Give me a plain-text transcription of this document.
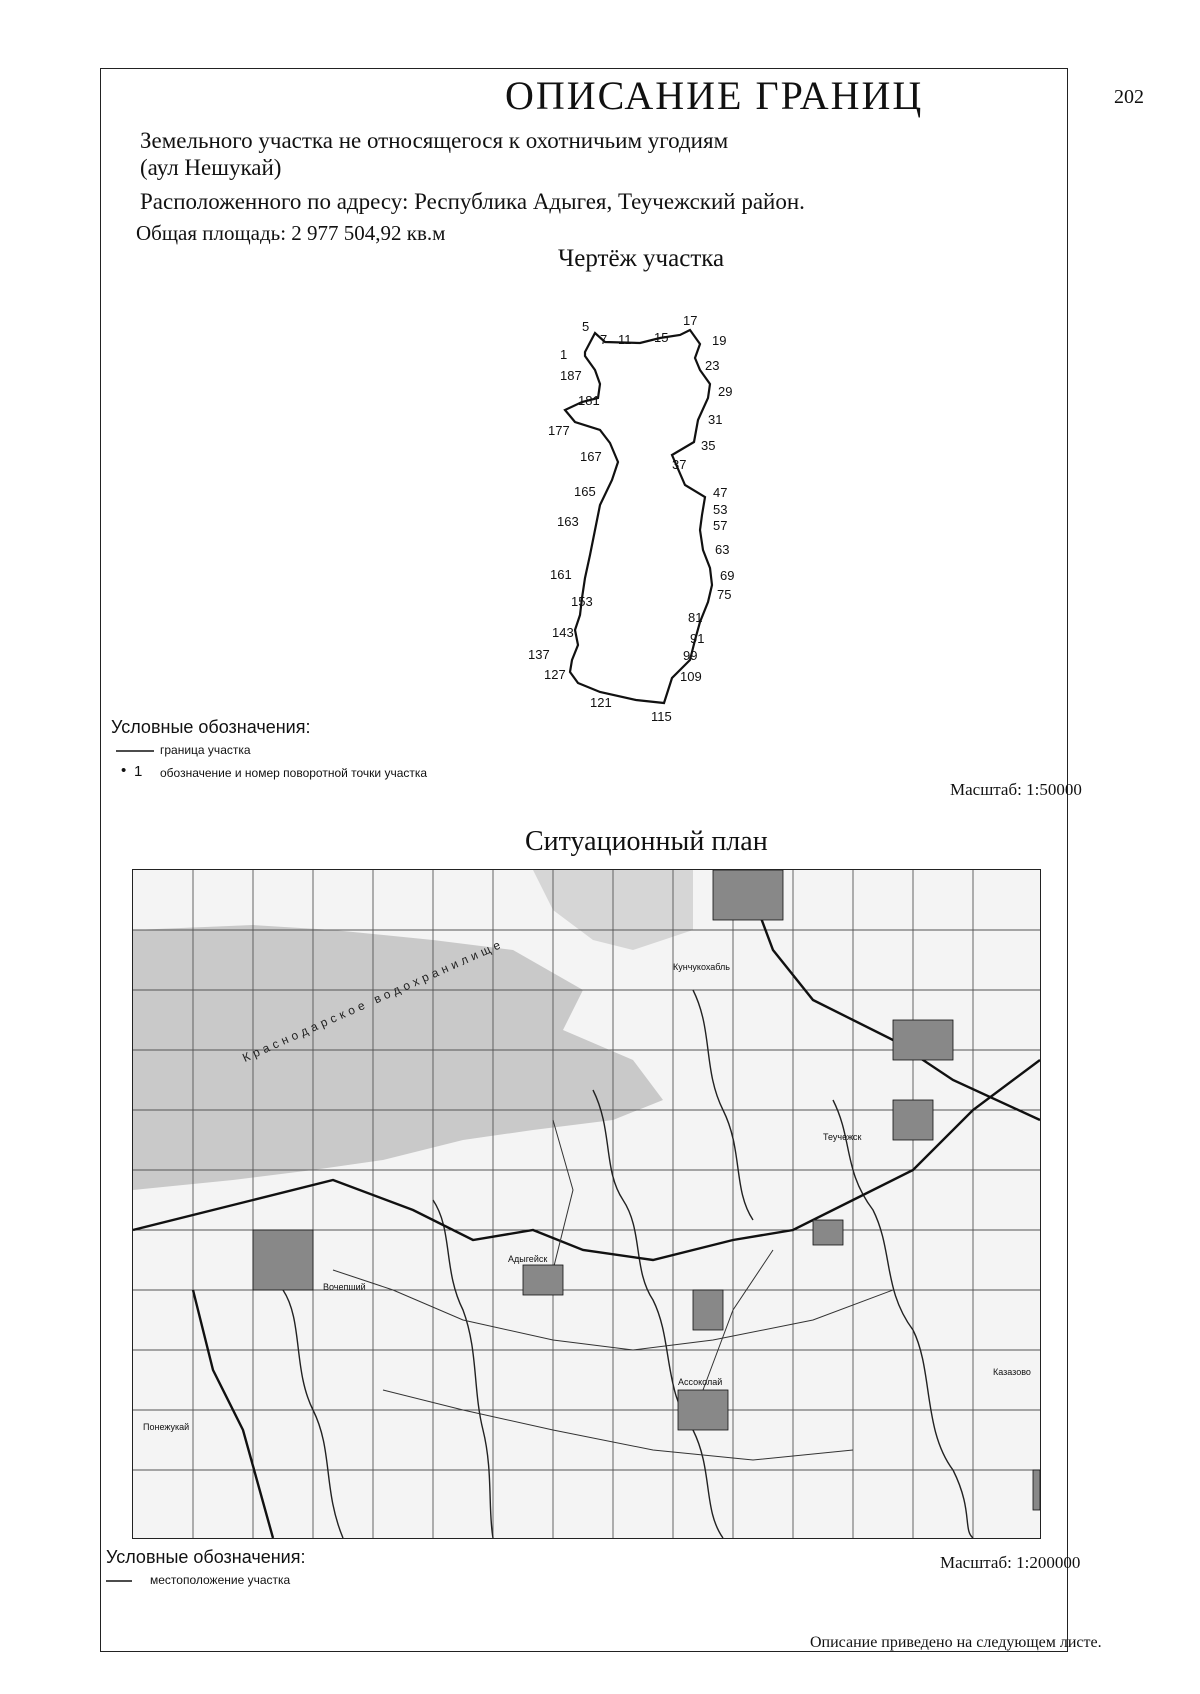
ОПИСАНИЕ ГРАНИЦ	202
Земельного участка не относящегося к охотничьим угодиям
(аул Нешукай)
Расположенного по адресу: Республика Адыгея, Теучежский район.
Общая площадь: 2 977 504,92 кв.м
Чертёж участка
1
5
7 11 15
17
19
23
29
31
35
37
47
53
57
63
69
75
81
91
99
109
115
121
127
137
143
153
161
163
165
167
177
181
187
Условные обозначения:
граница участка
• 1 обозначение и номер поворотной точки участка
Масштаб: 1:50000
Ситуационный план
Краснодарское водохранилище
Адыгейск
Теучежск
Понежукай
Вочепший
Ассоколай
Казазово
Кунчукохабль
Условные обозначения:
местоположение участка
Масштаб: 1:200000
Описание приведено на следующем листе.
